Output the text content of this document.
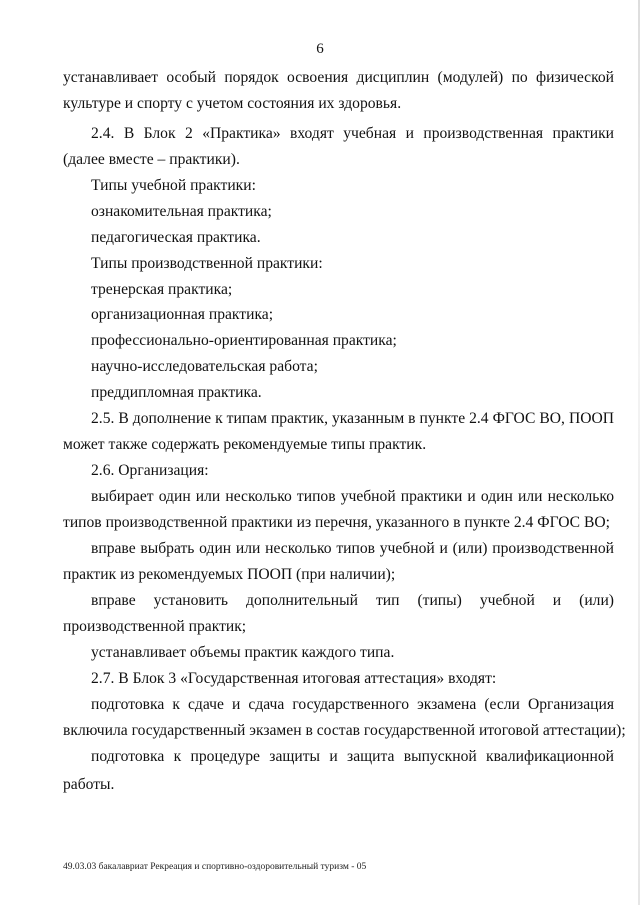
6
устанавливает особый порядок освоения дисциплин (модулей) по физической
культуре и спорту с учетом состояния их здоровья.
2.4. В Блок 2 «Практика» входят учебная и производственная практики
(далее вместе – практики).
Типы учебной практики:
ознакомительная практика;
педагогическая практика.
Типы производственной практики:
тренерская практика;
организационная практика;
профессионально-ориентированная практика;
научно-исследовательская работа;
преддипломная практика.
2.5. В дополнение к типам практик, указанным в пункте 2.4 ФГОС ВО, ПООП
может также содержать рекомендуемые типы практик.
2.6. Организация:
выбирает один или несколько типов учебной практики и один или несколько
типов производственной практики из перечня, указанного в пункте 2.4 ФГОС ВО;
вправе выбрать один или несколько типов учебной и (или) производственной
практик из рекомендуемых ПООП (при наличии);
вправе установить дополнительный тип (типы) учебной и (или)
производственной практик;
устанавливает объемы практик каждого типа.
2.7. В Блок 3 «Государственная итоговая аттестация» входят:
подготовка к сдаче и сдача государственного экзамена (если Организация
включила государственный экзамен в состав государственной итоговой аттестации);
подготовка к процедуре защиты и защита выпускной квалификационной
работы.
49.03.03 бакалавриат Рекреация и спортивно-оздоровительный туризм - 05
